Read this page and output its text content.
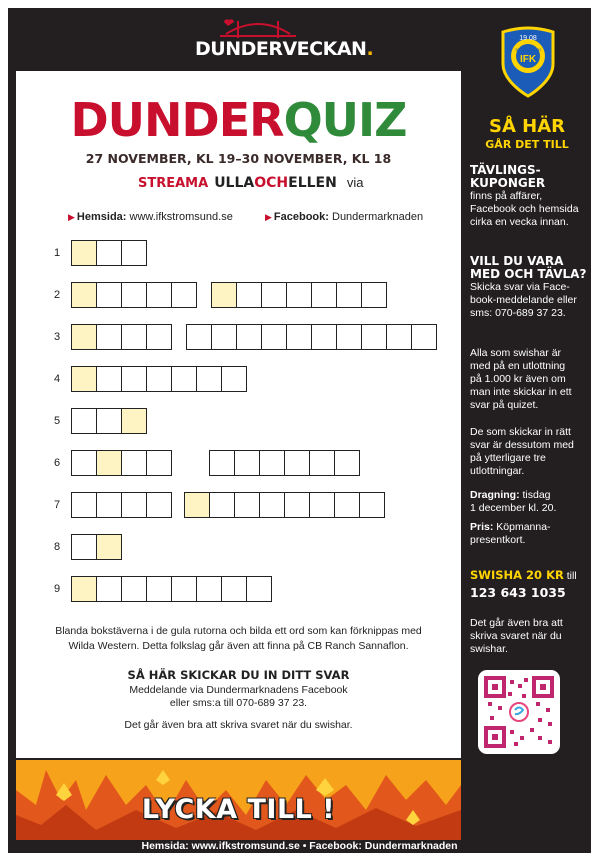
DUNDERVECKAN.
DUNDERQUIZ
27 NOVEMBER, KL 19–30 NOVEMBER, KL 18
STREAMA ULLAOCHELLEN via
▶ Hemsida: www.ifkstromsund.se	▶ Facebook: Dundermarknaden
1
2
3
4
5
6
7
8
9
Blanda bokstäverna i de gula rutorna och bilda ett ord som kan förknippas med
Wilda Western. Detta folkslag går även att finna på CB Ranch Sannaflon.
SÅ HÄR SKICKAR DU IN DITT SVAR
Meddelande via Dundermarknadens Facebook
eller sms:a till 070-689 37 23.
Det går även bra att skriva svaret när du swishar.
LYCKA TILL !
Hemsida: www.ifkstromsund.se • Facebook: Dundermarknaden
19 08
STRÖMSUND
IFK
SÅ HÄR
GÅR DET TILL
TÄVLINGS-
KUPONGER
finns på affärer,
Facebook och hemsida
cirka en vecka innan.
VILL DU VARA
MED OCH TÄVLA?
Skicka svar via Face-
book-meddelande eller
sms: 070-689 37 23.
Alla som swishar är
med på en utlottning
på 1.000 kr även om
man inte skickar in ett
svar på quizet.
De som skickar in rätt
svar är dessutom med
på ytterligare tre
utlottningar.
Dragning: tisdag
1 december kl. 20.
Pris: Köpmanna-
presentkort.
SWISHA 20 KR till
123 643 1035
Det går även bra att
skriva svaret när du
swishar.
